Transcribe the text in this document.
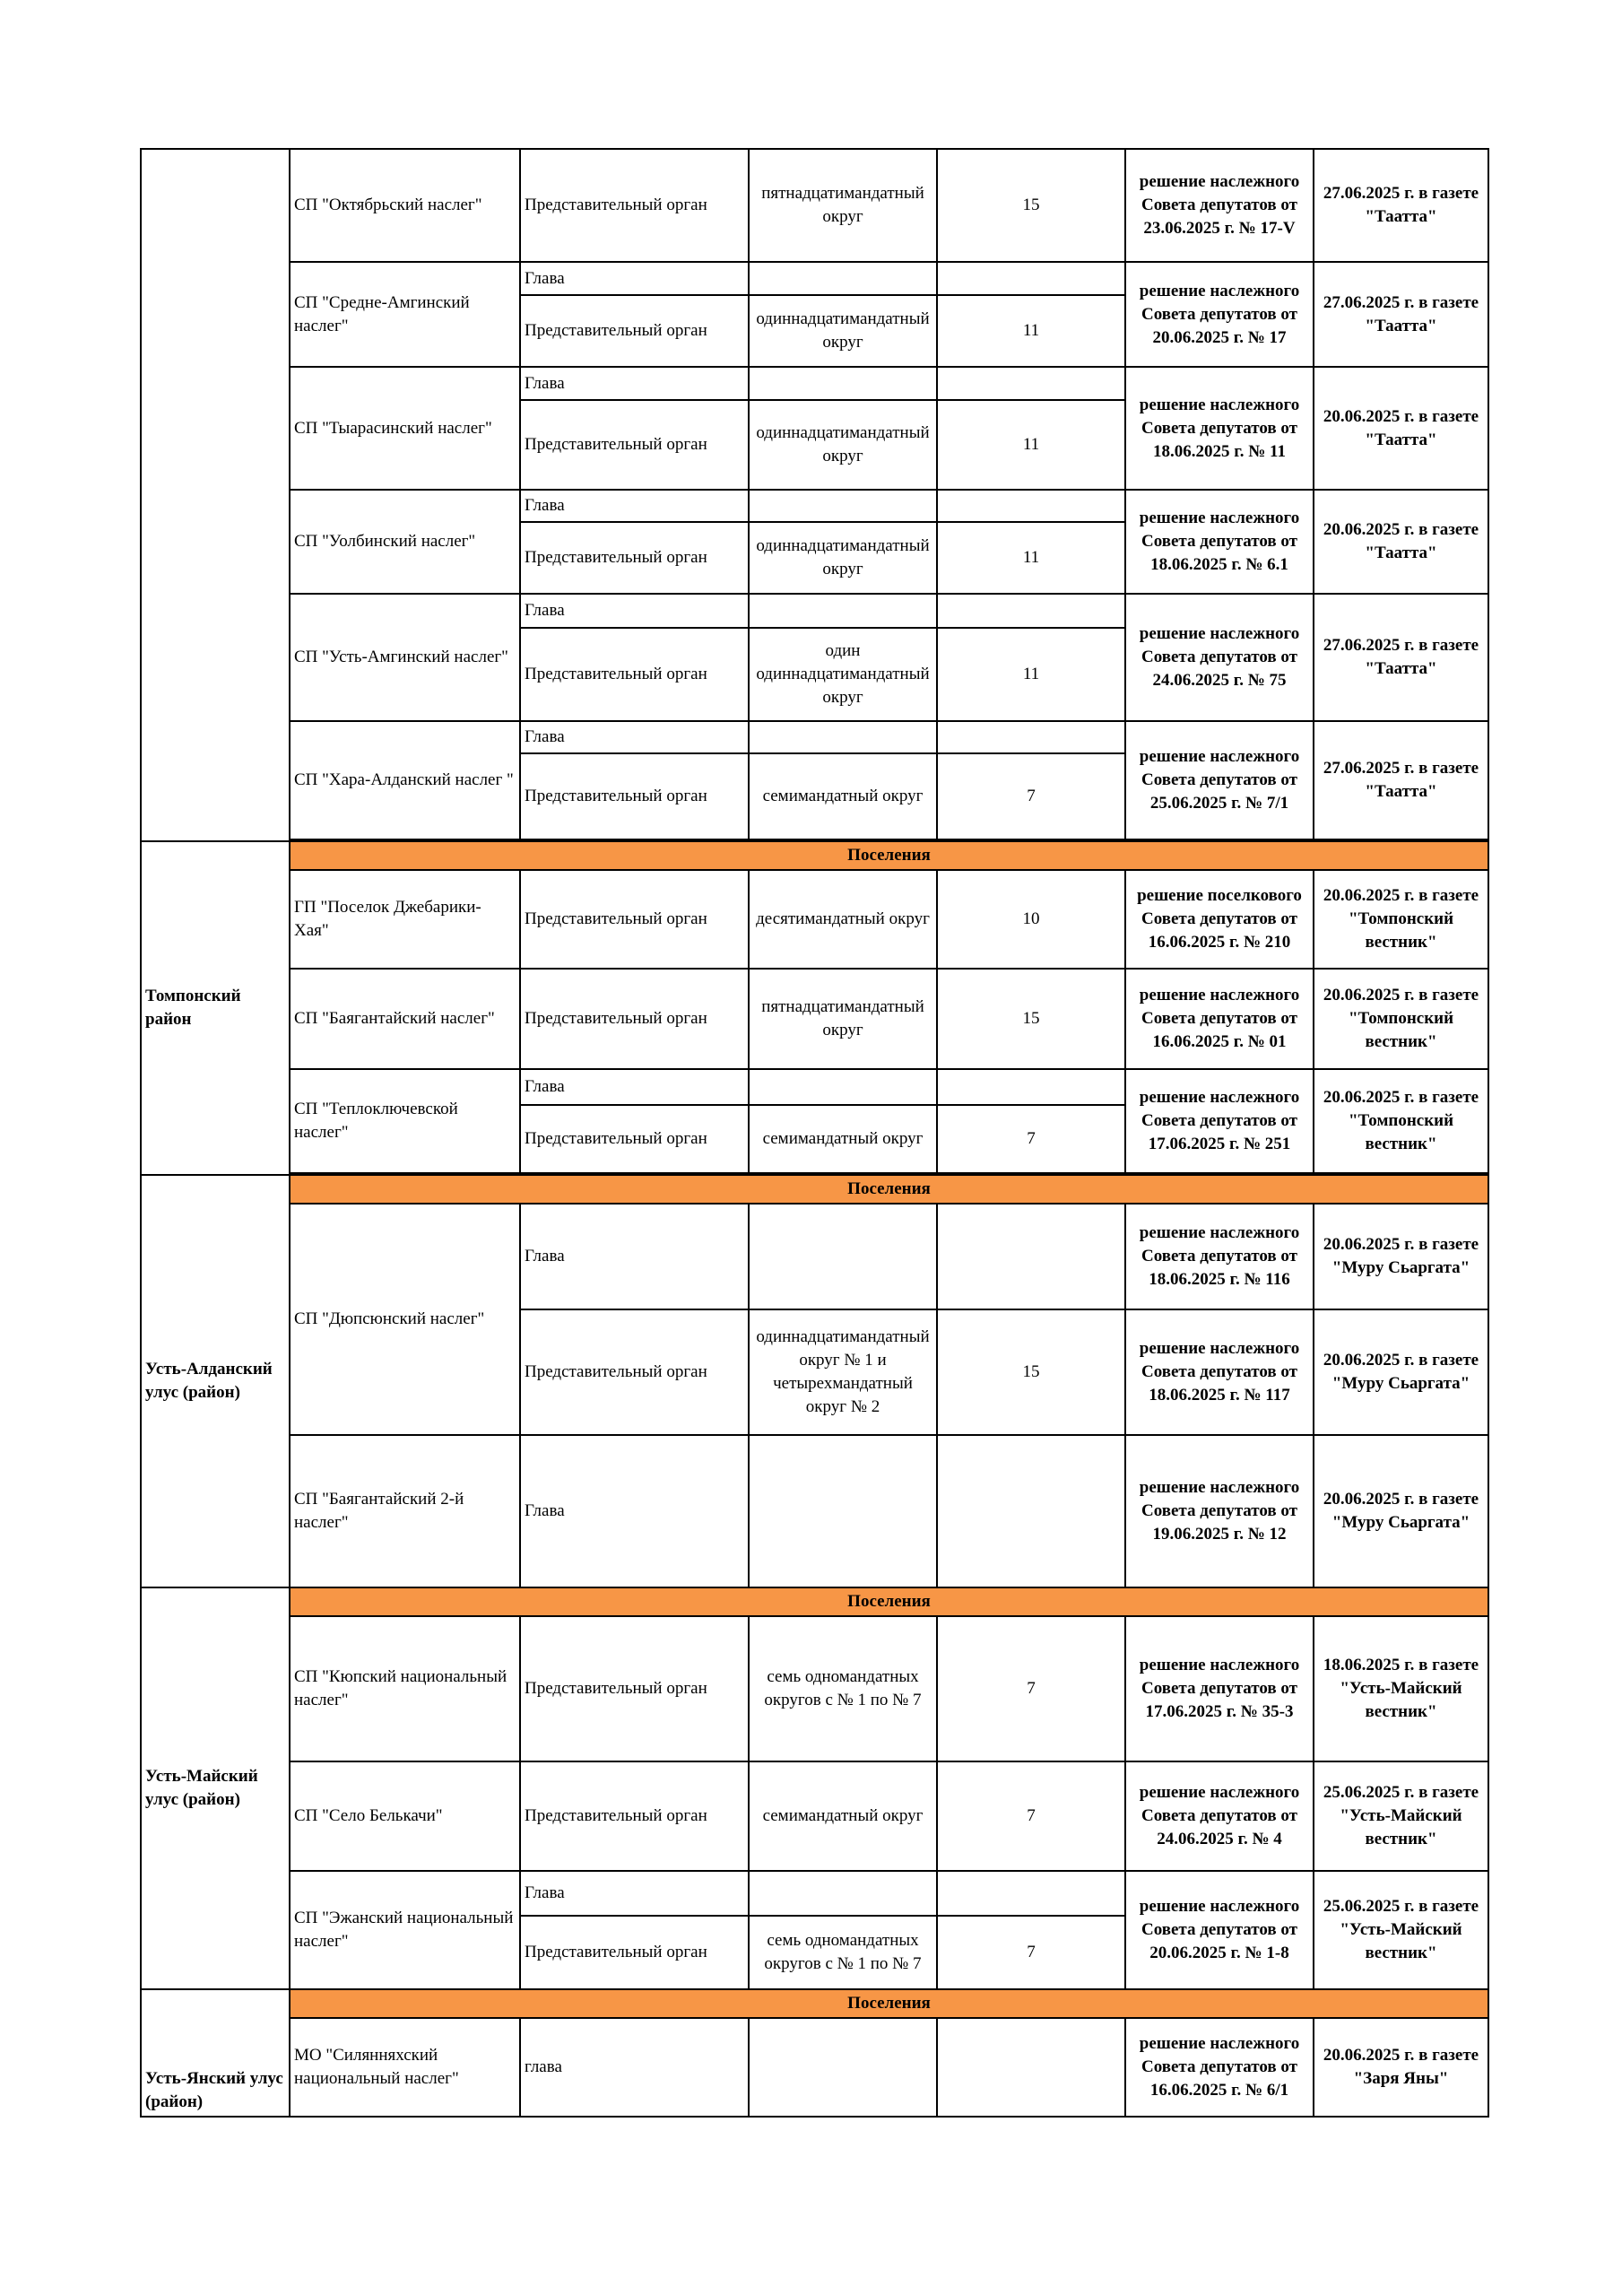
	СП "Октябрьский наслег"	Представительный орган	пятнадцатимандатный округ	15	решение наслежного Совета депутатов от 23.06.2025 г. № 17-V	27.06.2025 г. в газете "Таатта"
	СП "Средне-Амгинский наслег"	Глава			решение наслежного Совета депутатов от 20.06.2025 г. № 17	27.06.2025 г. в газете "Таатта"
		Представительный орган	одиннадцатимандатный округ	11		
	СП "Тыарасинский наслег"	Глава			решение наслежного Совета депутатов от 18.06.2025 г. № 11	20.06.2025 г. в газете "Таатта"
		Представительный орган	одиннадцатимандатный округ	11		
	СП "Уолбинский наслег"	Глава			решение наслежного Совета депутатов от 18.06.2025 г. № 6.1	20.06.2025 г. в газете "Таатта"
		Представительный орган	одиннадцатимандатный округ	11		
	СП "Усть-Амгинский наслег"	Глава			решение наслежного Совета депутатов от 24.06.2025 г. № 75	27.06.2025 г. в газете "Таатта"
		Представительный орган	один одиннадцатимандатный округ	11		
	СП "Хара-Алданский наслег "	Глава			решение наслежного Совета депутатов от 25.06.2025 г. № 7/1	27.06.2025 г. в газете "Таатта"
		Представительный орган	семимандатный округ	7		

Томпонский район	Поселения					
	ГП "Поселок Джебарики-Хая"	Представительный орган	десятимандатный округ	10	решение поселкового Совета депутатов от 16.06.2025 г. № 210	20.06.2025 г. в газете "Томпонский вестник"
	СП "Баягантайский наслег"	Представительный орган	пятнадцатимандатный округ	15	решение наслежного Совета депутатов от 16.06.2025 г. № 01	20.06.2025 г. в газете "Томпонский вестник"
	СП "Теплоключевской наслег"	Глава			решение наслежного Совета депутатов от 17.06.2025 г. № 251	20.06.2025 г. в газете "Томпонский вестник"
		Представительный орган	семимандатный округ	7		

Усть-Алданский улус (район)	Поселения					
	СП "Дюпсюнский наслег"	Глава			решение наслежного Совета депутатов от 18.06.2025 г. № 116	20.06.2025 г. в газете "Муру Сьаргата"
		Представительный орган	одиннадцатимандатный округ № 1 и четырехмандатный округ № 2	15	решение наслежного Совета депутатов от 18.06.2025 г. № 117	20.06.2025 г. в газете "Муру Сьаргата"
	СП "Баягантайский 2-й наслег"	Глава			решение наслежного Совета депутатов от 19.06.2025 г. № 12	20.06.2025 г. в газете "Муру Сьаргата"
Усть-Майский улус (район)	Поселения					
	СП "Кюпский национальный наслег"	Представительный орган	семь одномандатных округов с № 1 по № 7	7	решение наслежного Совета депутатов от 17.06.2025 г. № 35-3	18.06.2025 г. в газете "Усть-Майский вестник"
	СП "Село Белькачи"	Представительный орган	семимандатный округ	7	решение наслежного Совета депутатов от 24.06.2025 г. № 4	25.06.2025 г. в газете "Усть-Майский вестник"
	СП "Эжанский национальный наслег"	Глава			решение наслежного Совета депутатов от 20.06.2025 г. № 1-8	25.06.2025 г. в газете "Усть-Майский вестник"
		Представительный орган	семь одномандатных округов с № 1 по № 7	7		
Усть-Янский улус (район)	Поселения					
	МО "Силянняхский национальный наслег"	глава			решение наслежного Совета депутатов от 16.06.2025 г. № 6/1	20.06.2025 г. в газете "Заря Яны"
